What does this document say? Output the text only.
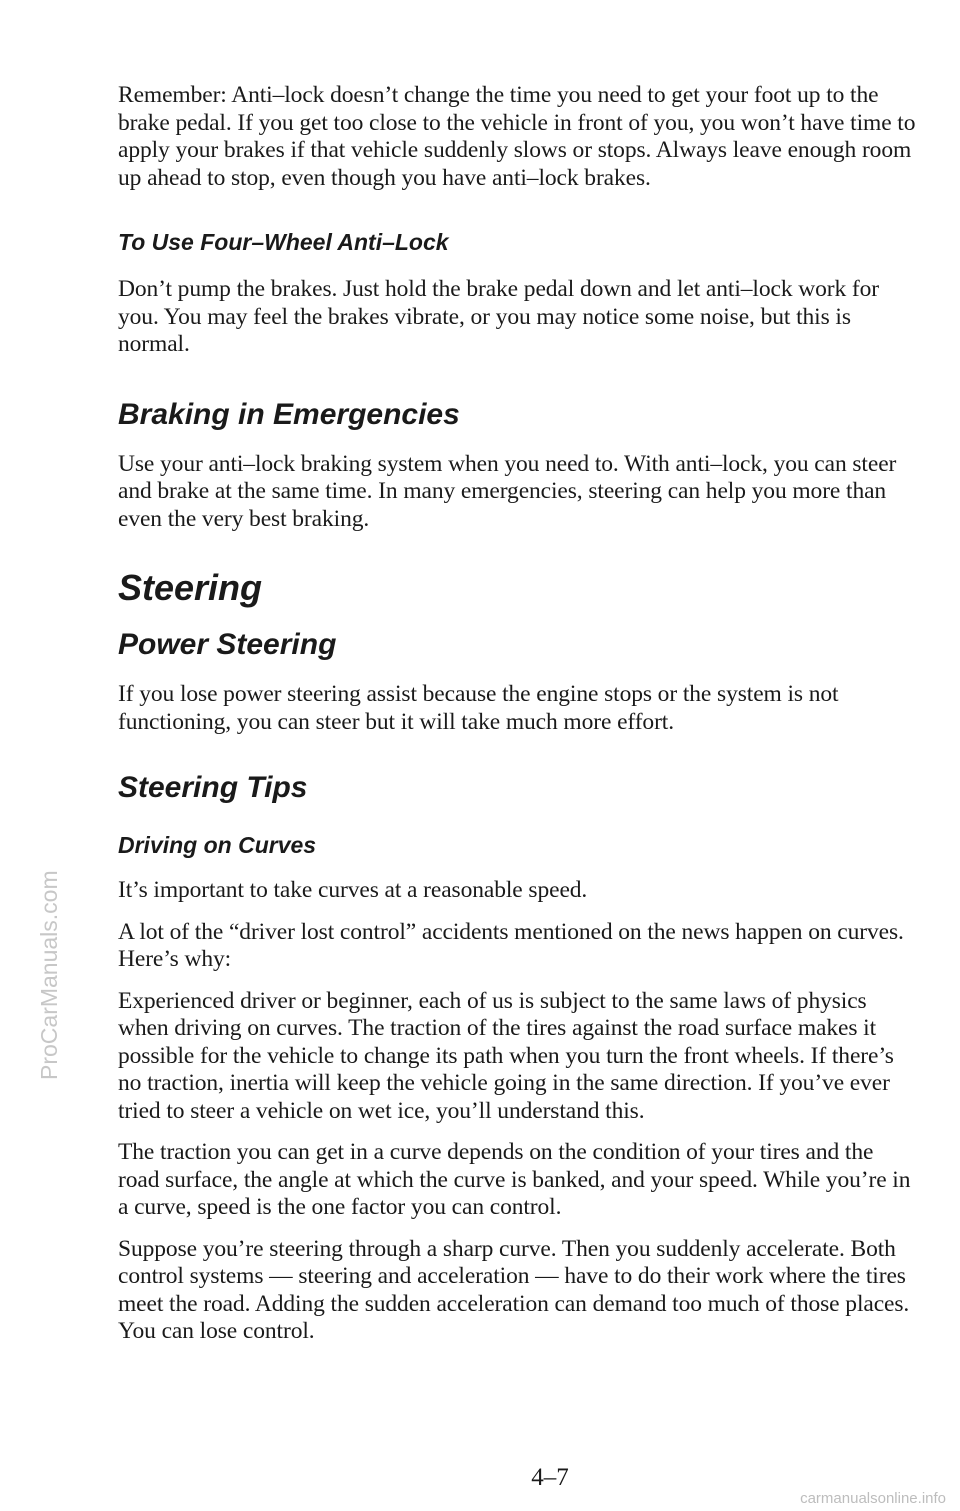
ProCarManuals.com

Remember: Anti–lock doesn’t change the time you need to get your foot up to the brake pedal. If you get too close to the vehicle in front of you, you won’t have time to apply your brakes if that vehicle suddenly slows or stops. Always leave enough room up ahead to stop, even though you have anti–lock brakes.

To Use Four–Wheel Anti–Lock

Don’t pump the brakes. Just hold the brake pedal down and let anti–lock work for you. You may feel the brakes vibrate, or you may notice some noise, but this is normal.

Braking in Emergencies

Use your anti–lock braking system when you need to. With anti–lock, you can steer and brake at the same time. In many emergencies, steering can help you more than even the very best braking.

Steering
Power Steering

If you lose power steering assist because the engine stops or the system is not functioning, you can steer but it will take much more effort.

Steering Tips
Driving on Curves

It’s important to take curves at a reasonable speed.

A lot of the “driver lost control” accidents mentioned on the news happen on curves. Here’s why:

Experienced driver or beginner, each of us is subject to the same laws of physics when driving on curves. The traction of the tires against the road surface makes it possible for the vehicle to change its path when you turn the front wheels. If there’s no traction, inertia will keep the vehicle going in the same direction. If you’ve ever tried to steer a vehicle on wet ice, you’ll understand this.

The traction you can get in a curve depends on the condition of your tires and the road surface, the angle at which the curve is banked, and your speed. While you’re in a curve, speed is the one factor you can control.

Suppose you’re steering through a sharp curve. Then you suddenly accelerate. Both control systems — steering and acceleration — have to do their work where the tires meet the road. Adding the sudden acceleration can demand too much of those places. You can lose control.

4–7
carmanualsonline.info
